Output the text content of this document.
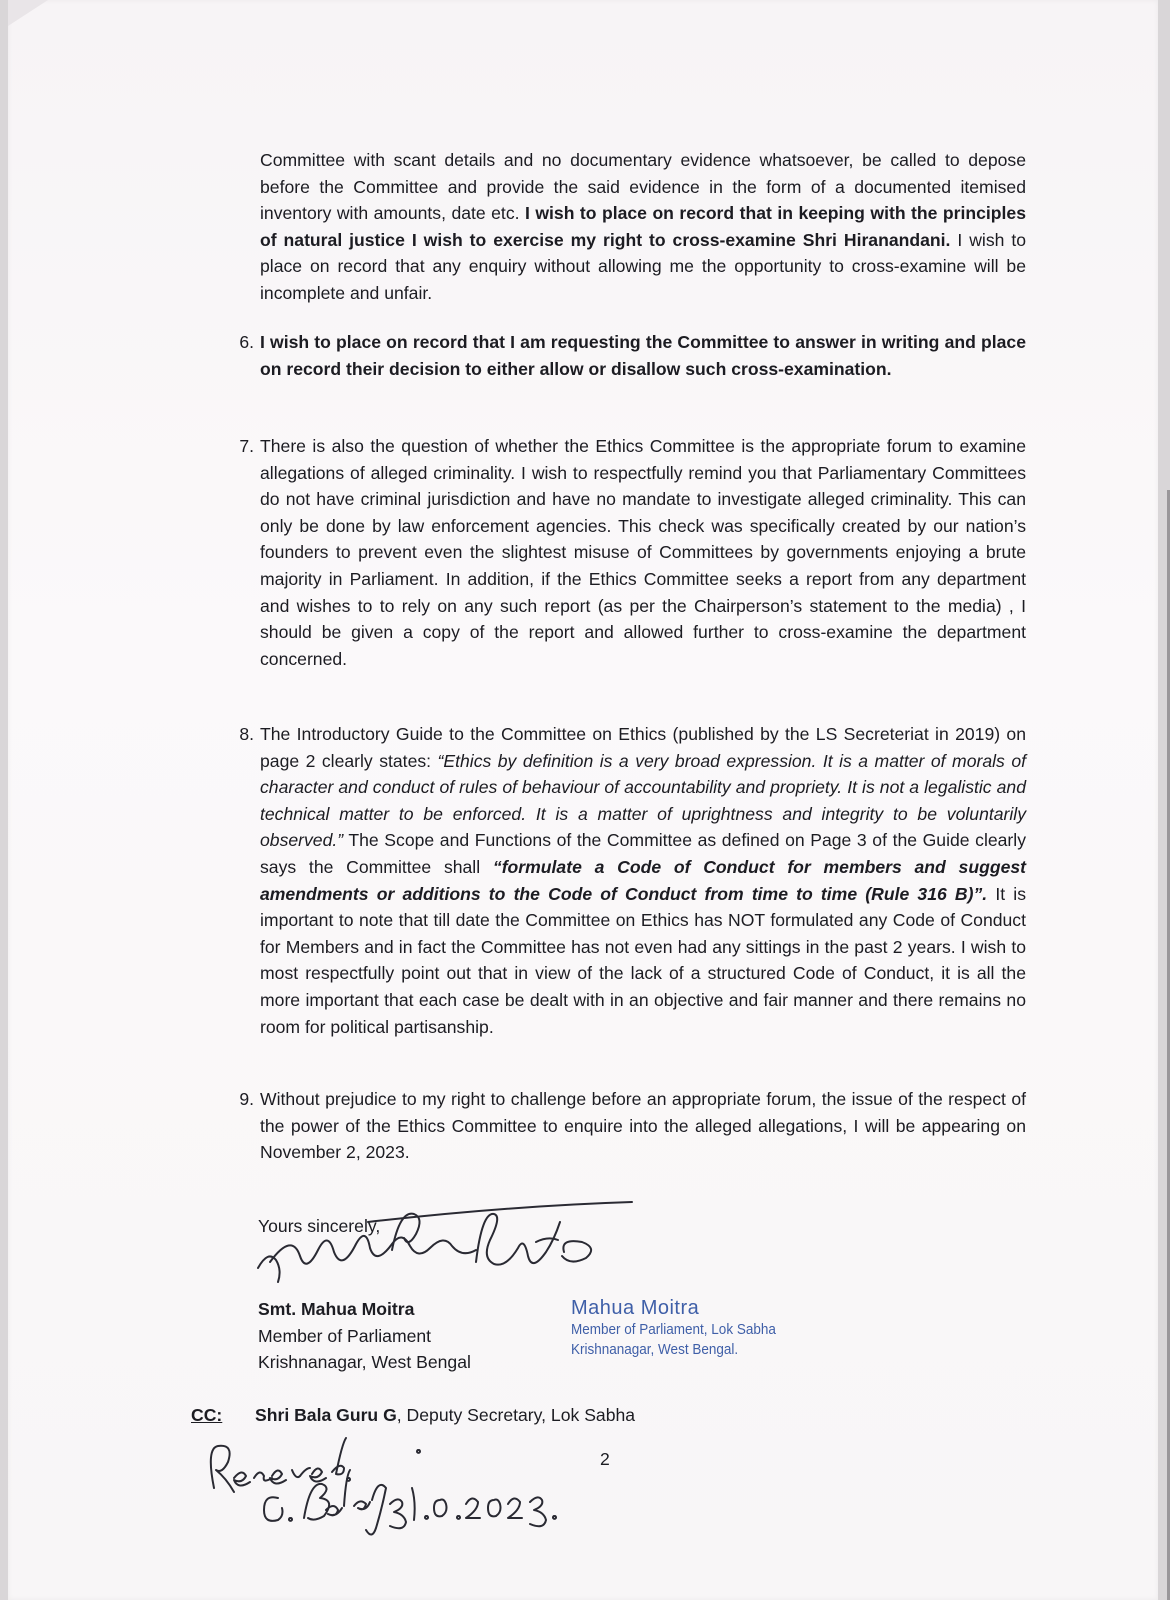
Committee with scant details and no documentary evidence whatsoever, be called to depose before the Committee and provide the said evidence in the form of a documented itemised inventory with amounts, date etc. I wish to place on record that in keeping with the principles of natural justice I wish to exercise my right to cross-examine Shri Hiranandani. I wish to place on record that any enquiry without allowing me the opportunity to cross-examine will be incomplete and unfair.

6. I wish to place on record that I am requesting the Committee to answer in writing and place on record their decision to either allow or disallow such cross-examination.

7. There is also the question of whether the Ethics Committee is the appropriate forum to examine allegations of alleged criminality. I wish to respectfully remind you that Parliamentary Committees do not have criminal jurisdiction and have no mandate to investigate alleged criminality. This can only be done by law enforcement agencies. This check was specifically created by our nation’s founders to prevent even the slightest misuse of Committees by governments enjoying a brute majority in Parliament. In addition, if the Ethics Committee seeks a report from any department and wishes to to rely on any such report (as per the Chairperson’s statement to the media) , I should be given a copy of the report and allowed further to cross-examine the department concerned.

8. The Introductory Guide to the Committee on Ethics (published by the LS Secreteriat in 2019) on page 2 clearly states: “Ethics by definition is a very broad expression. It is a matter of morals of character and conduct of rules of behaviour of accountability and propriety. It is not a legalistic and technical matter to be enforced. It is a matter of uprightness and integrity to be voluntarily observed.” The Scope and Functions of the Committee as defined on Page 3 of the Guide clearly says the Committee shall “formulate a Code of Conduct for members and suggest amendments or additions to the Code of Conduct from time to time (Rule 316 B)”. It is important to note that till date the Committee on Ethics has NOT formulated any Code of Conduct for Members and in fact the Committee has not even had any sittings in the past 2 years. I wish to most respectfully point out that in view of the lack of a structured Code of Conduct, it is all the more important that each case be dealt with in an objective and fair manner and there remains no room for political partisanship.

9. Without prejudice to my right to challenge before an appropriate forum, the issue of the respect of the power of the Ethics Committee to enquire into the alleged allegations, I will be appearing on November 2, 2023.

Yours sincerely,
Smt. Mahua Moitra
Member of Parliament
Krishnanagar, West Bengal
Mahua Moitra
Member of Parliament, Lok Sabha
Krishnanagar, West Bengal.
CC: Shri Bala Guru G, Deputy Secretary, Lok Sabha
2
